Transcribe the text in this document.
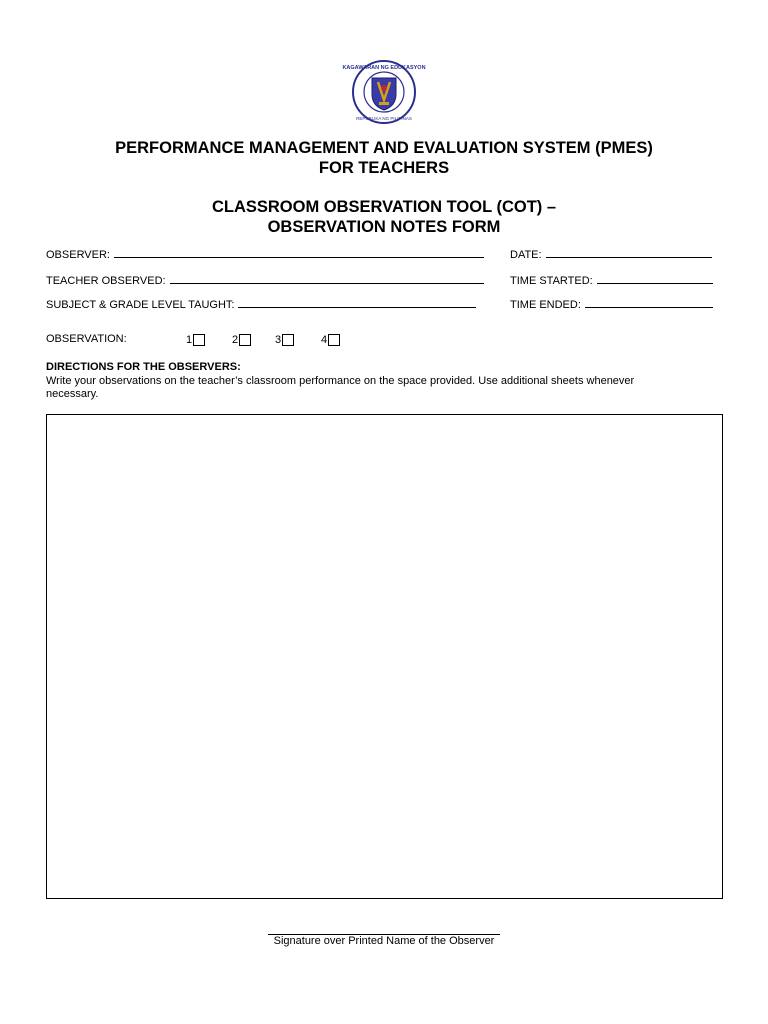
KAGAWARAN NG EDUKASYON
REPUBLIKA NG PILIPINAS
PERFORMANCE MANAGEMENT AND EVALUATION SYSTEM (PMES)
FOR TEACHERS
CLASSROOM OBSERVATION TOOL (COT) –
OBSERVATION NOTES FORM
OBSERVER:	DATE:
TEACHER OBSERVED:	TIME STARTED:
SUBJECT & GRADE LEVEL TAUGHT:	TIME ENDED:
OBSERVATION:	1	2	3	4
DIRECTIONS FOR THE OBSERVERS:
Write your observations on the teacher’s classroom performance on the space provided. Use additional sheets whenever necessary.
Signature over Printed Name of the Observer
